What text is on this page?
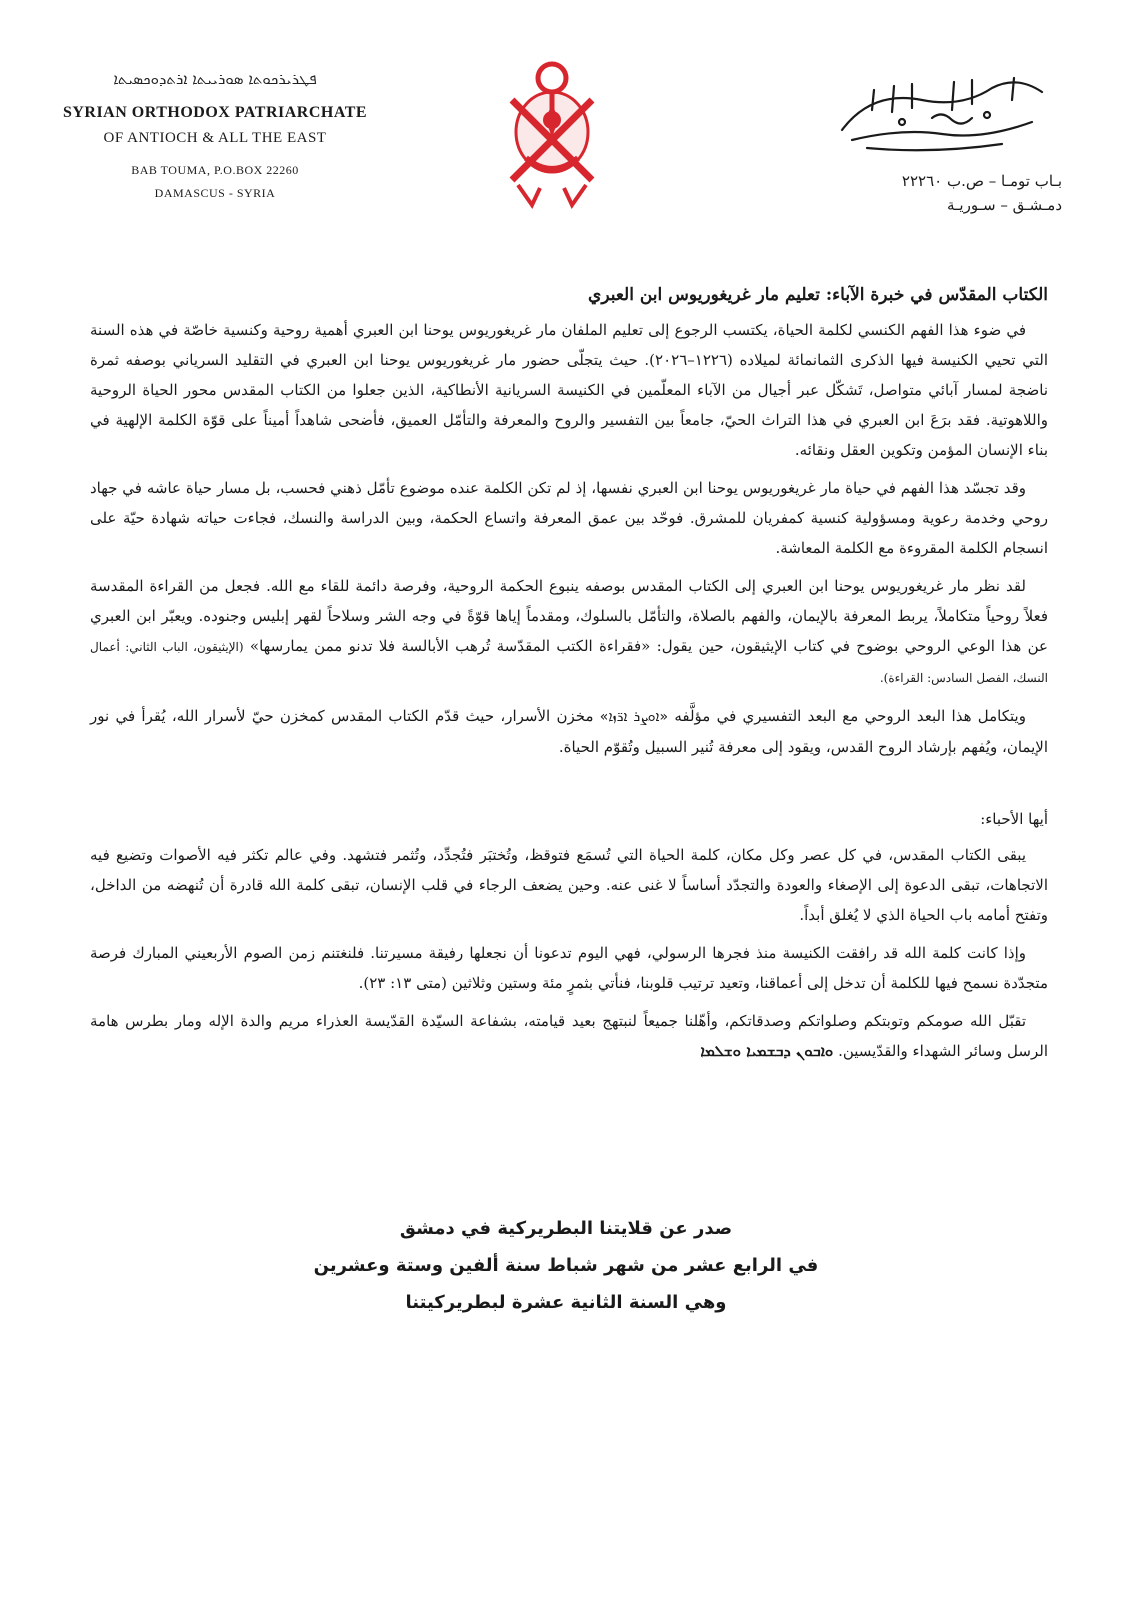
ܦܛܪܝܪܟܘܬܐ ܣܘܪܝܝܬܐ ܐܪܬܕܘܟܣܝܬܐ
SYRIAN ORTHODOX PATRIARCHATE
OF ANTIOCH & ALL THE EAST
BAB TOUMA, P.O.BOX 22260
DAMASCUS - SYRIA
بـاب تومـا – ص.ب ٢٢٢٦٠
دمـشـق – سـوريـة
الكتاب المقدّس في خبرة الآباء: تعليم مار غريغوريوس ابن العبري

في ضوء هذا الفهم الكنسي لكلمة الحياة، يكتسب الرجوع إلى تعليم الملفان مار غريغوريوس يوحنا ابن العبري أهمية روحية وكنسية خاصّة في هذه السنة التي تحيي الكنيسة فيها الذكرى الثمانمائة لميلاده (١٢٢٦–٢٠٢٦). حيث يتجلّى حضور مار غريغوريوس يوحنا ابن العبري في التقليد السرياني بوصفه ثمرة ناضجة لمسار آبائي متواصل، تَشكّل عبر أجيال من الآباء المعلّمين في الكنيسة السريانية الأنطاكية، الذين جعلوا من الكتاب المقدس محور الحياة الروحية واللاهوتية. فقد برَعَ ابن العبري في هذا التراث الحيّ، جامعاً بين التفسير والروح والمعرفة والتأمّل العميق، فأضحى شاهداً أميناً على قوّة الكلمة الإلهية في بناء الإنسان المؤمن وتكوين العقل ونقائه.

وقد تجسّد هذا الفهم في حياة مار غريغوريوس يوحنا ابن العبري نفسها، إذ لم تكن الكلمة عنده موضوع تأمّل ذهني فحسب، بل مسار حياة عاشه في جهاد روحي وخدمة رعوية ومسؤولية كنسية كمفريان للمشرق. فوحّد بين عمق المعرفة واتساع الحكمة، وبين الدراسة والنسك، فجاءت حياته شهادة حيّة على انسجام الكلمة المقروءة مع الكلمة المعاشة.

لقد نظر مار غريغوريوس يوحنا ابن العبري إلى الكتاب المقدس بوصفه ينبوع الحكمة الروحية، وفرصة دائمة للقاء مع الله. فجعل من القراءة المقدسة فعلاً روحياً متكاملاً، يربط المعرفة بالإيمان، والفهم بالصلاة، والتأمّل بالسلوك، ومقدماً إياها قوّةً في وجه الشر وسلاحاً لقهر إبليس وجنوده. ويعبّر ابن العبري عن هذا الوعي الروحي بوضوح في كتاب الإيثيقون، حين يقول: «فقراءة الكتب المقدّسة تُرهب الأبالسة فلا تدنو ممن يمارسها» (الإيثيقون، الباب الثاني: أعمال النسك، الفصل السادس: القراءة).

ويتكامل هذا البعد الروحي مع البعد التفسيري في مؤلَّفه «ܐܘܨܪ ܐܪ̈ܙܐ» مخزن الأسرار، حيث قدّم الكتاب المقدس كمخزن حيّ لأسرار الله، يُقرأ في نور الإيمان، ويُفهم بإرشاد الروح القدس، ويقود إلى معرفة تُنير السبيل وتُقوّم الحياة.

أيها الأحباء:

يبقى الكتاب المقدس، في كل عصر وكل مكان، كلمة الحياة التي تُسمَع فتوقظ، وتُختبَر فتُجدِّد، وتُثمر فتشهد. وفي عالم تكثر فيه الأصوات وتضيع فيه الاتجاهات، تبقى الدعوة إلى الإصغاء والعودة والتجدّد أساساً لا غنى عنه. وحين يضعف الرجاء في قلب الإنسان، تبقى كلمة الله قادرة أن تُنهضه من الداخل، وتفتح أمامه باب الحياة الذي لا يُغلق أبداً.

وإذا كانت كلمة الله قد رافقت الكنيسة منذ فجرها الرسولي، فهي اليوم تدعونا أن نجعلها رفيقة مسيرتنا. فلنغتنم زمن الصوم الأربعيني المبارك فرصة متجدّدة نسمح فيها للكلمة أن تدخل إلى أعماقنا، وتعيد ترتيب قلوبنا، فنأتي بثمرٍ مئة وستين وثلاثين (متى ١٣: ٢٣).

تقبّل الله صومكم وتوبتكم وصلواتكم وصدقاتكم، وأهّلنا جميعاً لنبتهج بعيد قيامته، بشفاعة السيّدة القدّيسة العذراء مريم والدة الإله ومار بطرس هامة الرسل وسائر الشهداء والقدّيسين. ܘܐܒܘܢ ܕܒܫܡܝܐ ܘܫܠܡܐ

صدر عن قلايتنا البطريركية في دمشق
في الرابع عشر من شهر شباط سنة ألفين وستة وعشرين
وهي السنة الثانية عشرة لبطريركيتنا
